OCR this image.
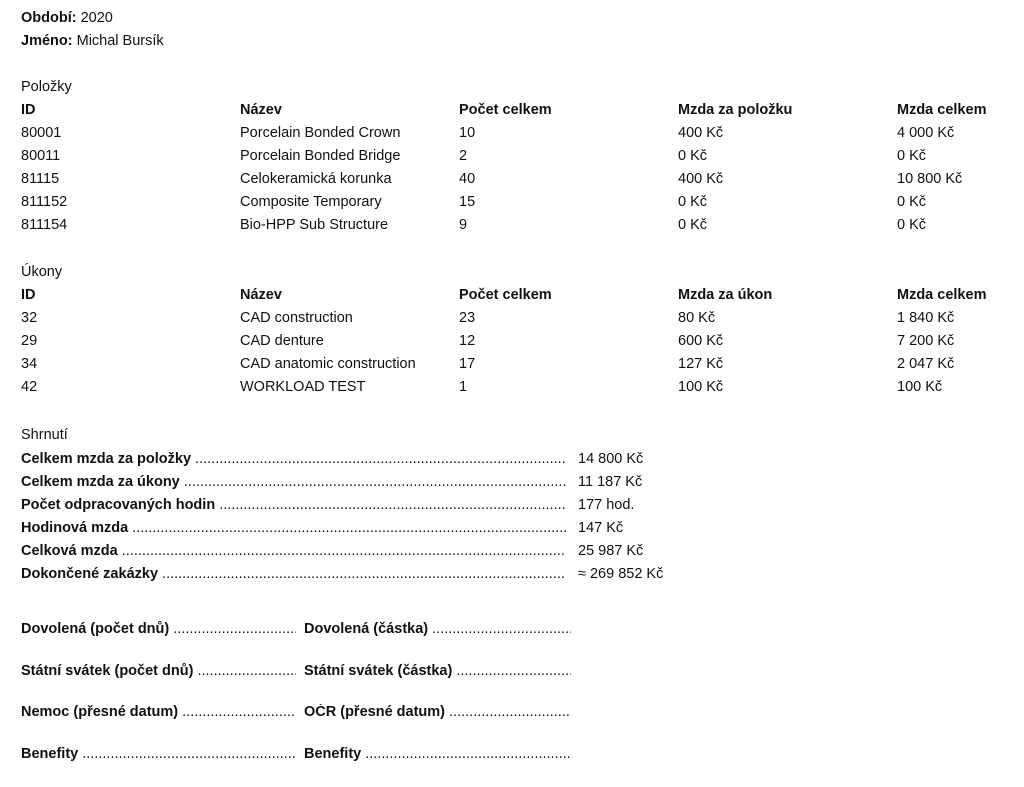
Období: 2020
Jméno: Michal Bursík
Položky
ID	Název	Počet celkem	Mzda za položku	Mzda celkem
80001	Porcelain Bonded Crown	10	400 Kč	4 000 Kč
80011	Porcelain Bonded Bridge	2	0 Kč	0 Kč
81115	Celokeramická korunka	40	400 Kč	10 800 Kč
811152	Composite Temporary	15	0 Kč	0 Kč
811154	Bio-HPP Sub Structure	9	0 Kč	0 Kč
Úkony
ID	Název	Počet celkem	Mzda za úkon	Mzda celkem
32	CAD construction	23	80 Kč	1 840 Kč
29	CAD denture	12	600 Kč	7 200 Kč
34	CAD anatomic construction	17	127 Kč	2 047 Kč
42	WORKLOAD TEST	1	100 Kč	100 Kč
Shrnutí
Celkem mzda za položky .....	14 800 Kč
Celkem mzda za úkony .....	11 187 Kč
Počet odpracovaných hodin .....	177 hod.
Hodinová mzda .....	147 Kč
Celková mzda .....	25 987 Kč
Dokončené zakázky .....	≈ 269 852 Kč
Dovolená (počet dnů) .....	Dovolená (částka) .....
Státní svátek (počet dnů) .....	Státní svátek (částka) .....
Nemoc (přesné datum) .....	OČR (přesné datum) .....
Benefity .....	Benefity .....
